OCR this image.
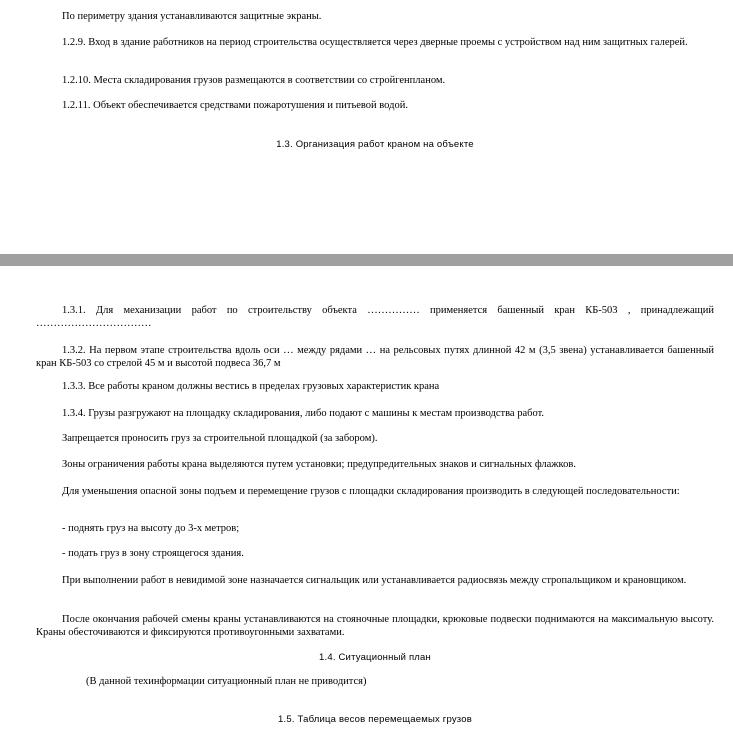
По периметру здания устанавливаются защитные экраны.

1.2.9. Вход в здание работников на период строительства осуществляется через дверные проемы с устройством над ним защитных галерей.

1.2.10. Места складирования грузов размещаются в соответствии со стройгенпланом.

1.2.11. Объект обеспечивается средствами пожаротушения и питьевой водой.

1.3. Организация работ краном на объекте

1.3.1. Для механизации работ по строительству объекта …………… применяется башенный кран КБ-503 , принадлежащий ……………………………

1.3.2. На первом этапе строительства вдоль оси … между рядами … на рельсовых путях длинной 42 м (3,5 звена) устанавливается башенный кран КБ-503 со стрелой 45 м и высотой подвеса 36,7 м

1.3.3. Все работы краном должны вестись в пределах грузовых характеристик крана

1.3.4. Грузы разгружают на площадку складирования, либо подают с машины к местам производства работ.

Запрещается проносить груз за строительной площадкой (за забором).

Зоны ограничения работы крана выделяются путем установки; предупредительных знаков и сигнальных флажков.

Для уменьшения опасной зоны подъем и перемещение грузов с площадки складирования производить в следующей последовательности:

- поднять груз на высоту до 3-х метров;

- подать груз в зону строящегося здания.

При выполнении работ в невидимой зоне назначается сигнальщик или устанавливается радиосвязь между стропальщиком и крановщиком.

После окончания рабочей смены краны устанавливаются на стояночные площадки, крюковые подвески поднимаются на максимальную высоту. Краны обесточиваются и фиксируются противоугонными захватами.

1.4. Ситуационный план

(В данной техинформации ситуационный план не приводится)

1.5. Таблица весов перемещаемых грузов
